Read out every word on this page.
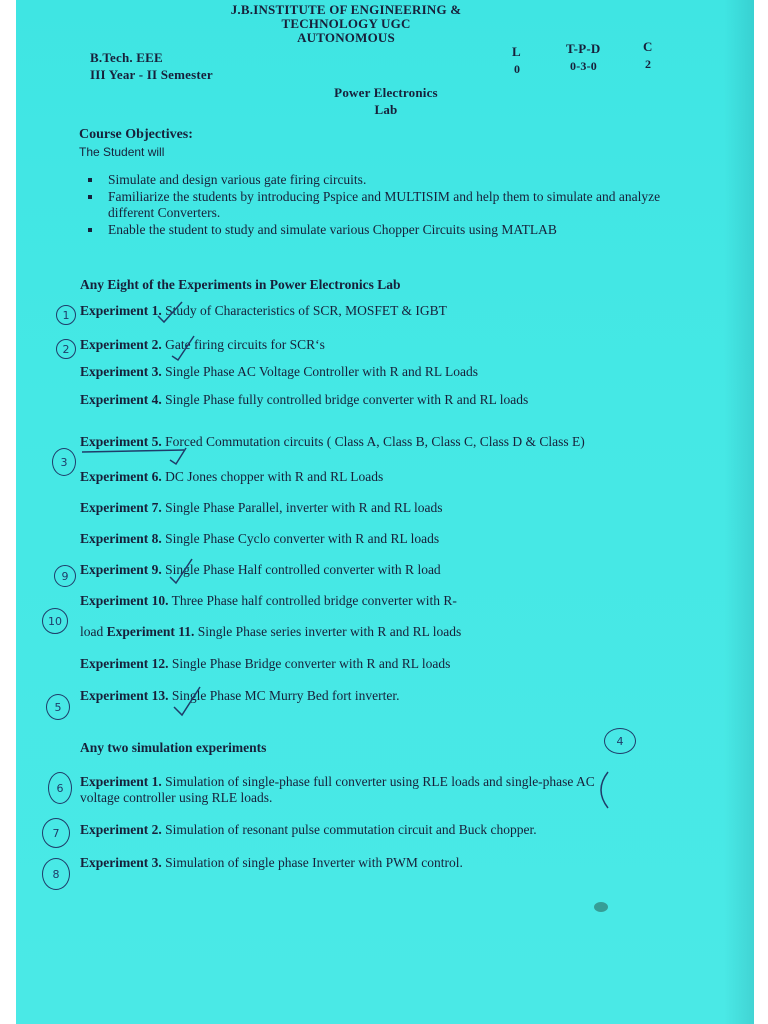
J.B.INSTITUTE OF ENGINEERING &
TECHNOLOGY UGC
AUTONOMOUS
B.Tech. EEE
III Year - II Semester
L
0
T-P-D
0-3-0
C
2
Power Electronics
Lab
Course Objectives:
The Student will
Simulate and design various gate firing circuits.
Familiarize the students by introducing Pspice and MULTISIM and help them to simulate and analyze different Converters.
Enable the student to study and simulate various Chopper Circuits using MATLAB
Any Eight of the Experiments in Power Electronics Lab
Experiment 1. Study of Characteristics of SCR, MOSFET & IGBT
Experiment 2. Gate firing circuits for SCR‘s
Experiment 3. Single Phase AC Voltage Controller with R and RL Loads
Experiment 4. Single Phase fully controlled bridge converter with R and RL loads
Experiment 5. Forced Commutation circuits ( Class A, Class B, Class C, Class D & Class E)
Experiment 6. DC Jones chopper with R and RL Loads
Experiment 7. Single Phase Parallel, inverter with R and RL loads
Experiment 8. Single Phase Cyclo converter with R and RL loads
Experiment 9. Single Phase Half controlled converter with R load
Experiment 10. Three Phase half controlled bridge converter with R-
load Experiment 11. Single Phase series inverter with R and RL loads
Experiment 12. Single Phase Bridge converter with R and RL loads
Experiment 13. Single Phase MC Murry Bed fort inverter.
Any two simulation experiments
Experiment 1. Simulation of single-phase full converter using RLE loads and single-phase AC
voltage controller using RLE loads.
Experiment 2. Simulation of resonant pulse commutation circuit and Buck chopper.
Experiment 3. Simulation of single phase Inverter with PWM control.
1
2
3
9
10
5
4
6
7
8
